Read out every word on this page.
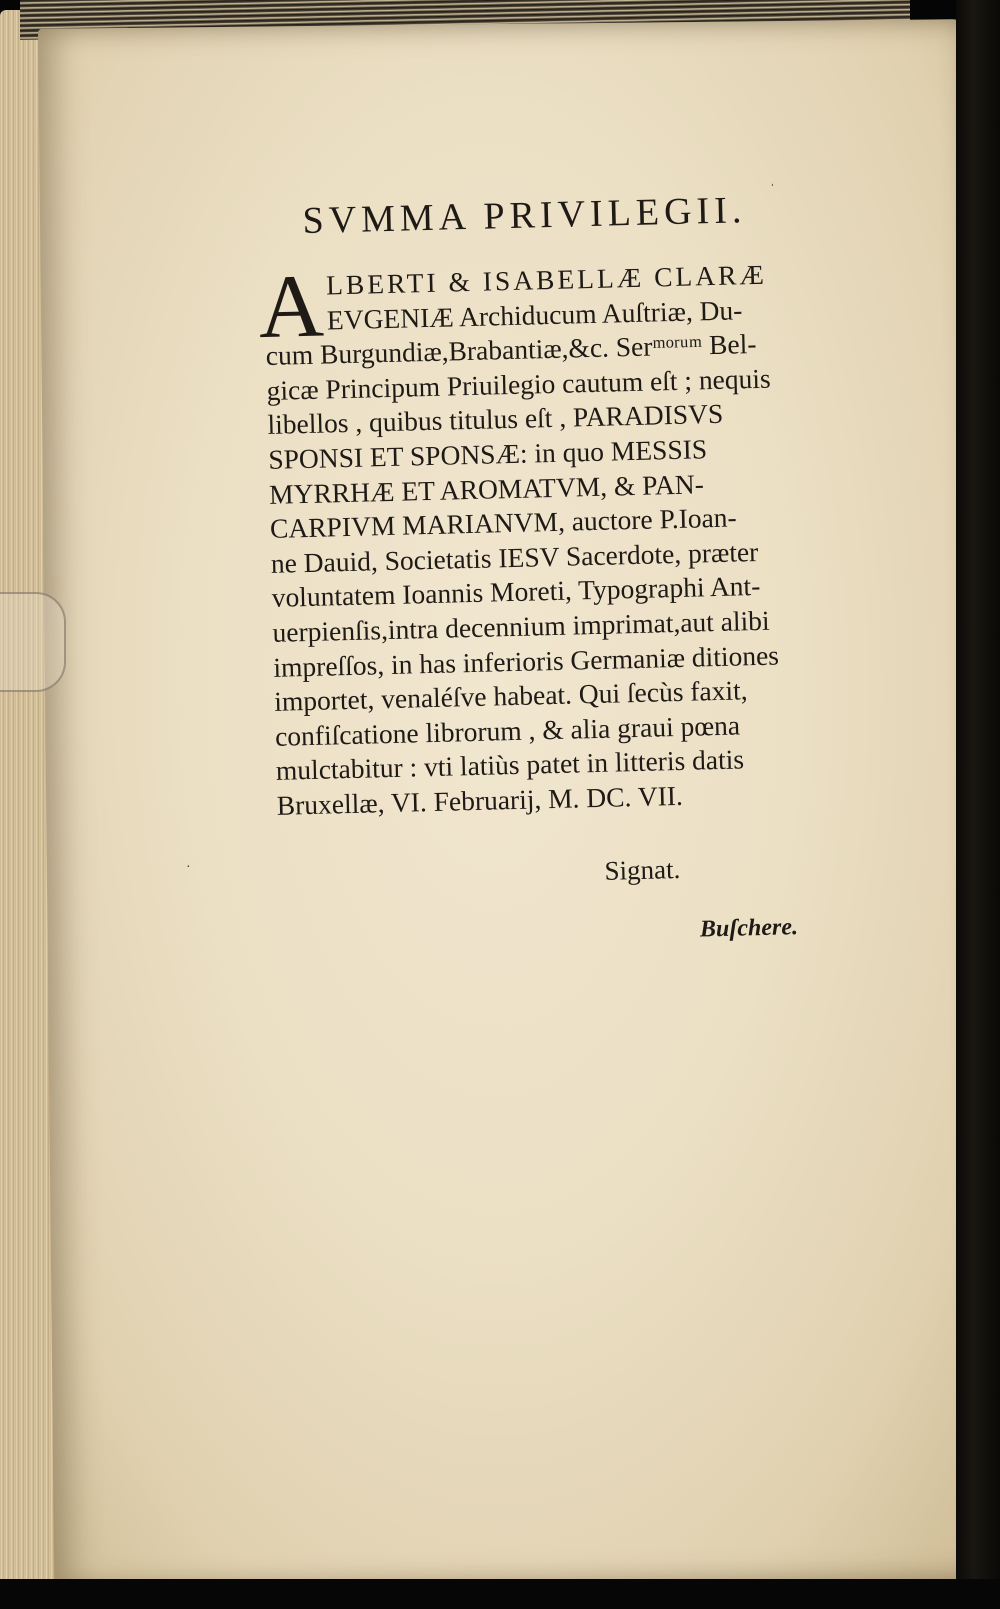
ˌ
·
SVMMA PRIVILEGII.
A LBERTI & ISABELLÆ CLARÆ
EVGENIÆ Archiducum Auſtriæ, Du-
cum Burgundiæ,Brabantiæ,&c. Serᵐᵒʳᵘᵐ Bel-
gicæ Principum Priuilegio cautum eſt ; nequis
libellos , quibus titulus eſt , PARADISVS
SPONSI ET SPONSÆ: in quo MESSIS
MYRRHÆ ET AROMATVM, & PAN-
CARPIVM MARIANVM, auctore P.Ioan-
ne Dauid, Societatis IESV Sacerdote, præter
voluntatem Ioannis Moreti, Typographi Ant-
uerpienſis,intra decennium imprimat,aut alibi
impreſſos, in has inferioris Germaniæ ditiones
importet, venaléſve habeat. Qui ſecùs faxit,
confiſcatione librorum , & alia graui pœna
mulctabitur : vti latiùs patet in litteris datis
Bruxellæ, VI. Februarij, M. DC. VII.
Signat.
Buſchere.
